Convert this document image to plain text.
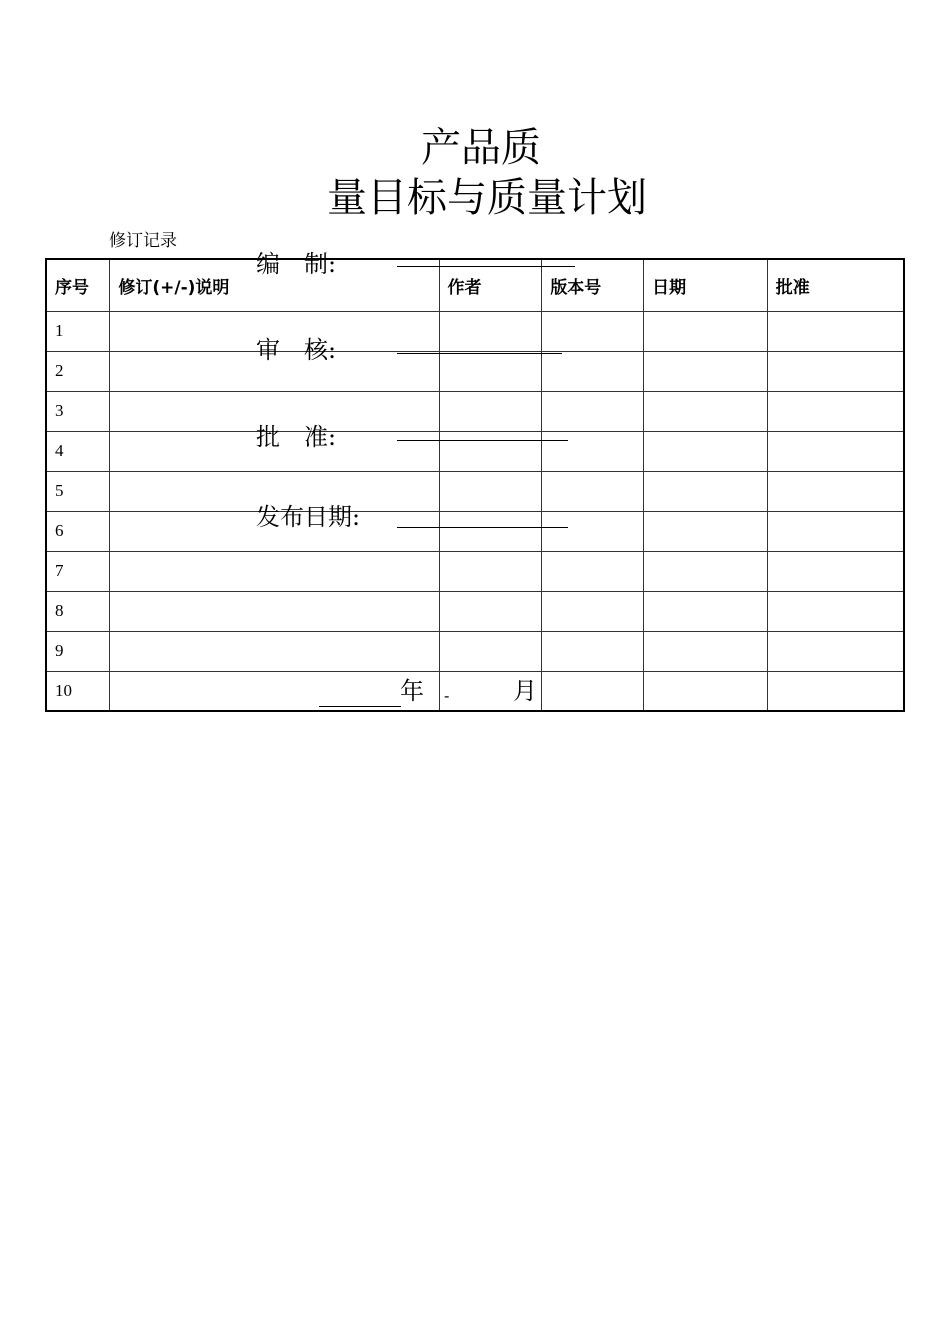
产品质
量目标与质量计划
修订记录
序号	修订(+/-)说明	作者	版本号	日期	批准
1					
2					
3					
4					
5					
6					
7					
8					
9					
10					
编　制:
审　核:
批　准:
发布日期:
年 -	月
